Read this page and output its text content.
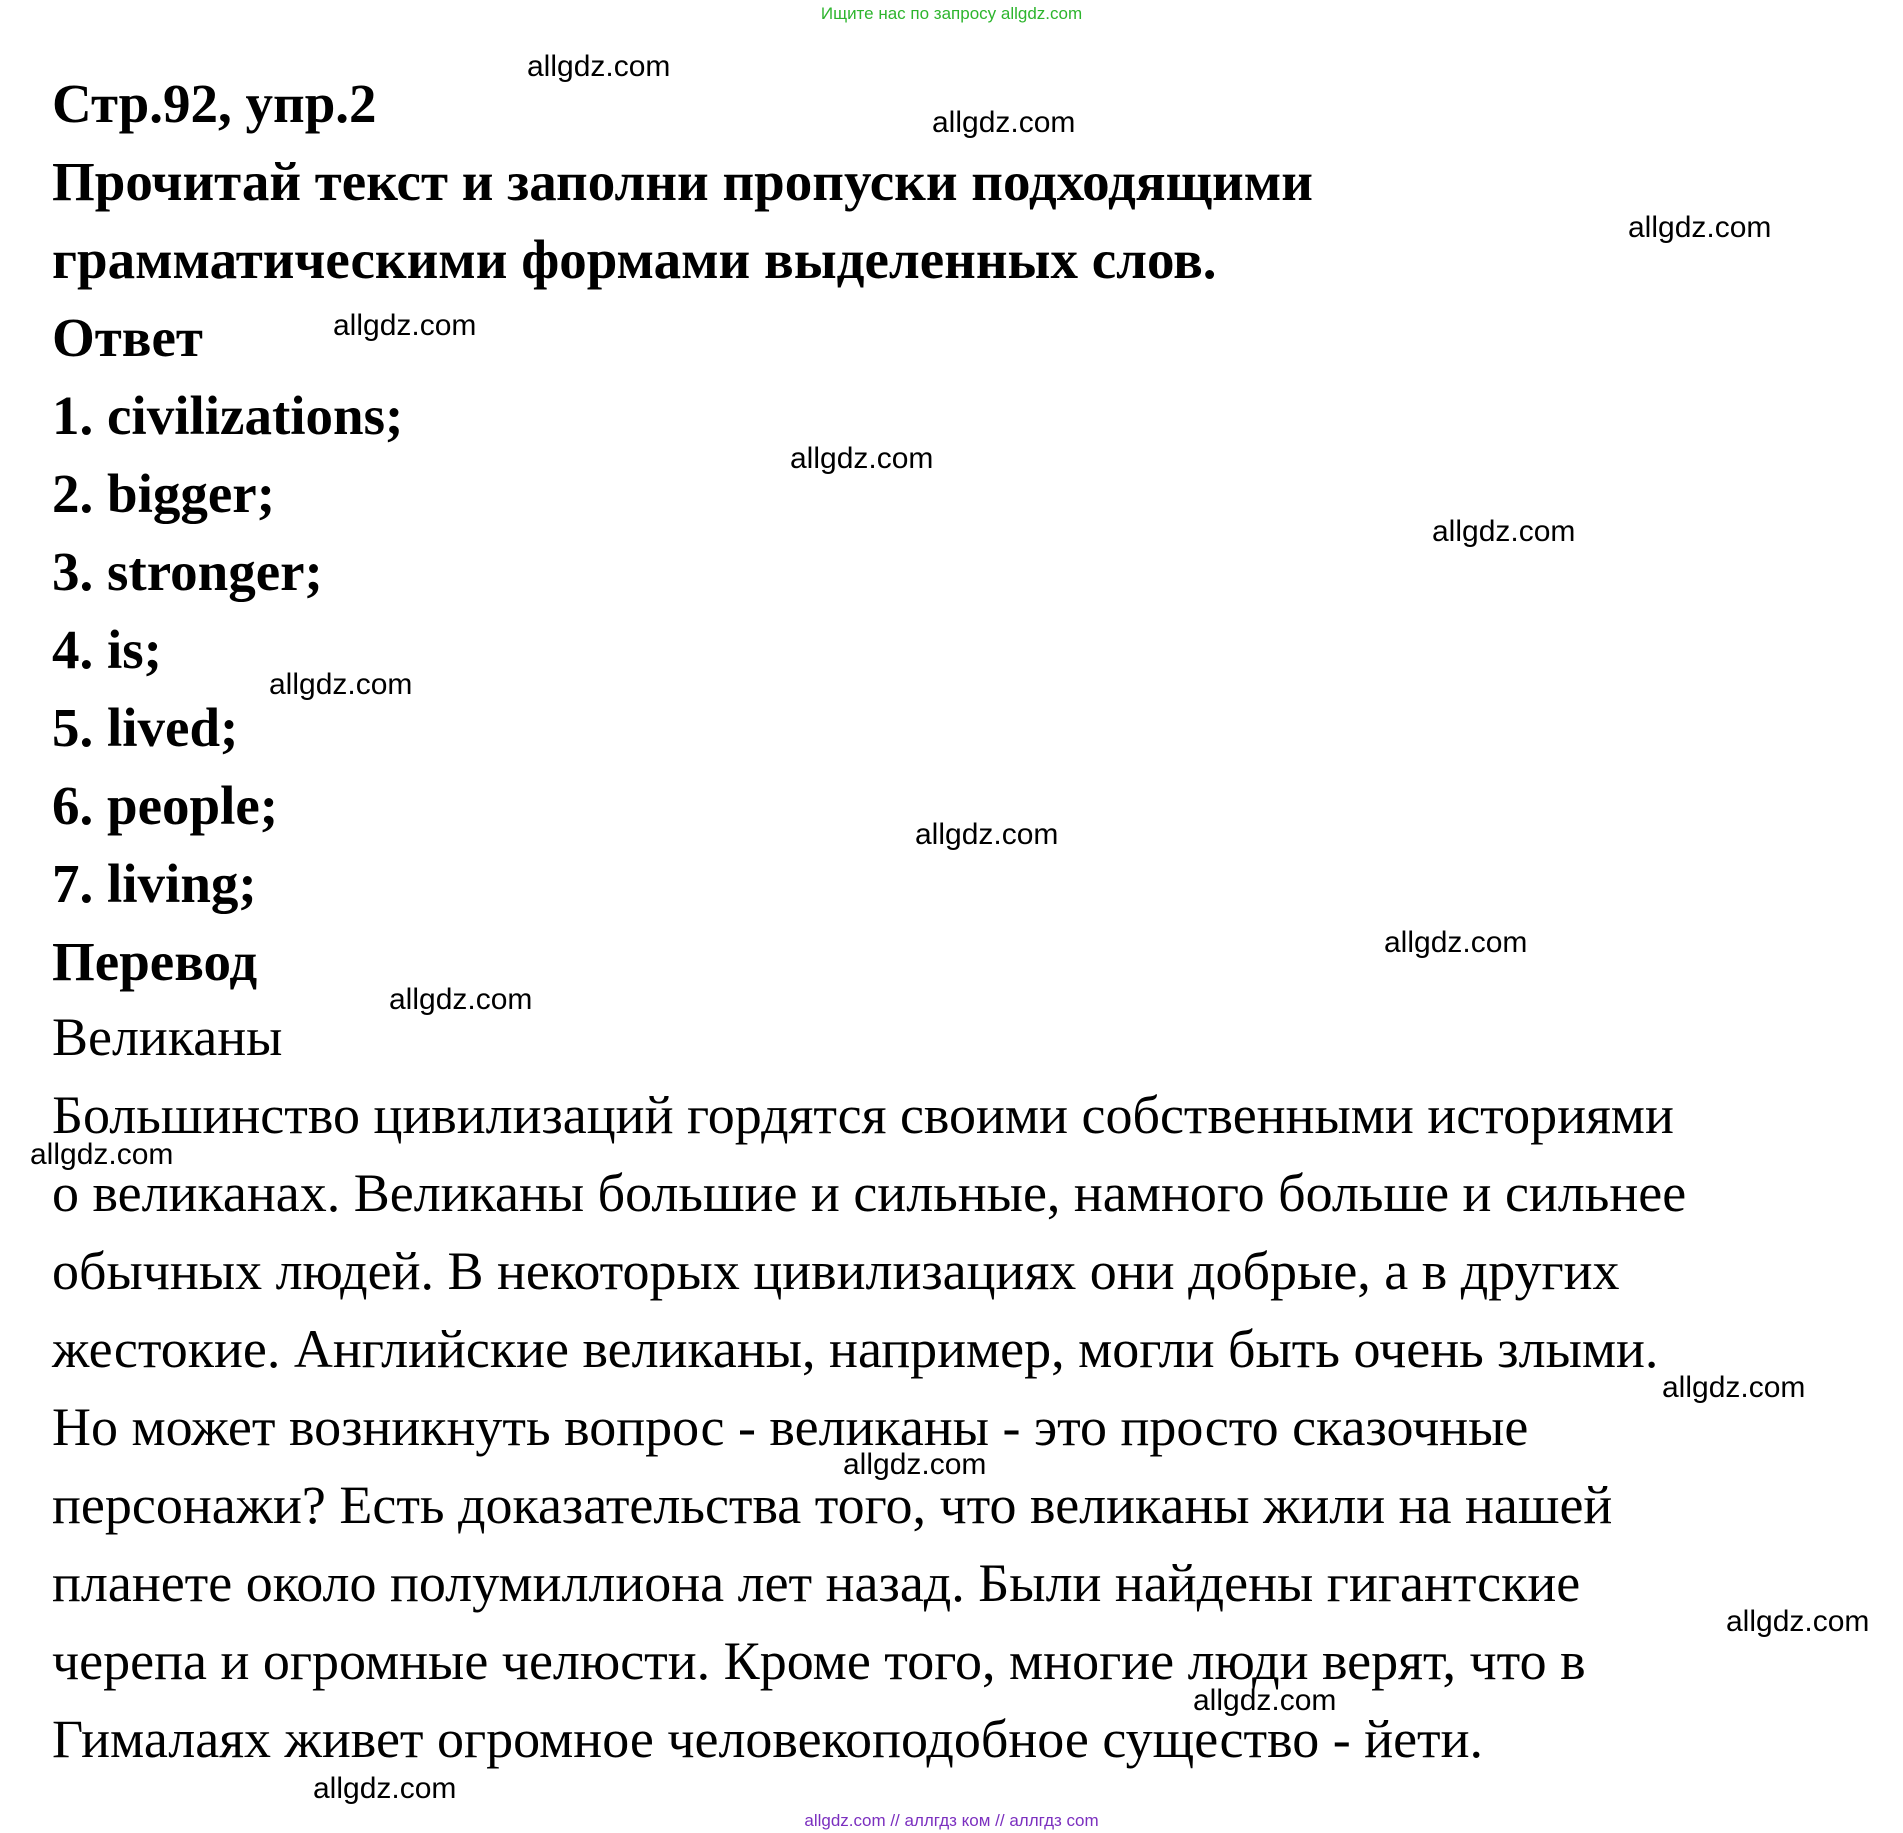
Ищите нас по запросу allgdz.com
Стр.92, упр.2
Прочитай текст и заполни пропуски подходящими
грамматическими формами выделенных слов.
Ответ
1. civilizations;
2. bigger;
3. stronger;
4. is;
5. lived;
6. people;
7. living;
Перевод
Великаны
Большинство цивилизаций гордятся своими собственными историями
о великанах. Великаны большие и сильные, намного больше и сильнее
обычных людей. В некоторых цивилизациях они добрые, а в других
жестокие. Английские великаны, например, могли быть очень злыми.
Но может возникнуть вопрос - великаны - это просто сказочные
персонажи? Есть доказательства того, что великаны жили на нашей
планете около полумиллиона лет назад. Были найдены гигантские
черепа и огромные челюсти. Кроме того, многие люди верят, что в
Гималаях живет огромное человекоподобное существо - йети.
allgdz.com
allgdz.com
allgdz.com
allgdz.com
allgdz.com
allgdz.com
allgdz.com
allgdz.com
allgdz.com
allgdz.com
allgdz.com
allgdz.com
allgdz.com
allgdz.com
allgdz.com
allgdz.com
allgdz.com // аллгдз ком // аллгдз com
